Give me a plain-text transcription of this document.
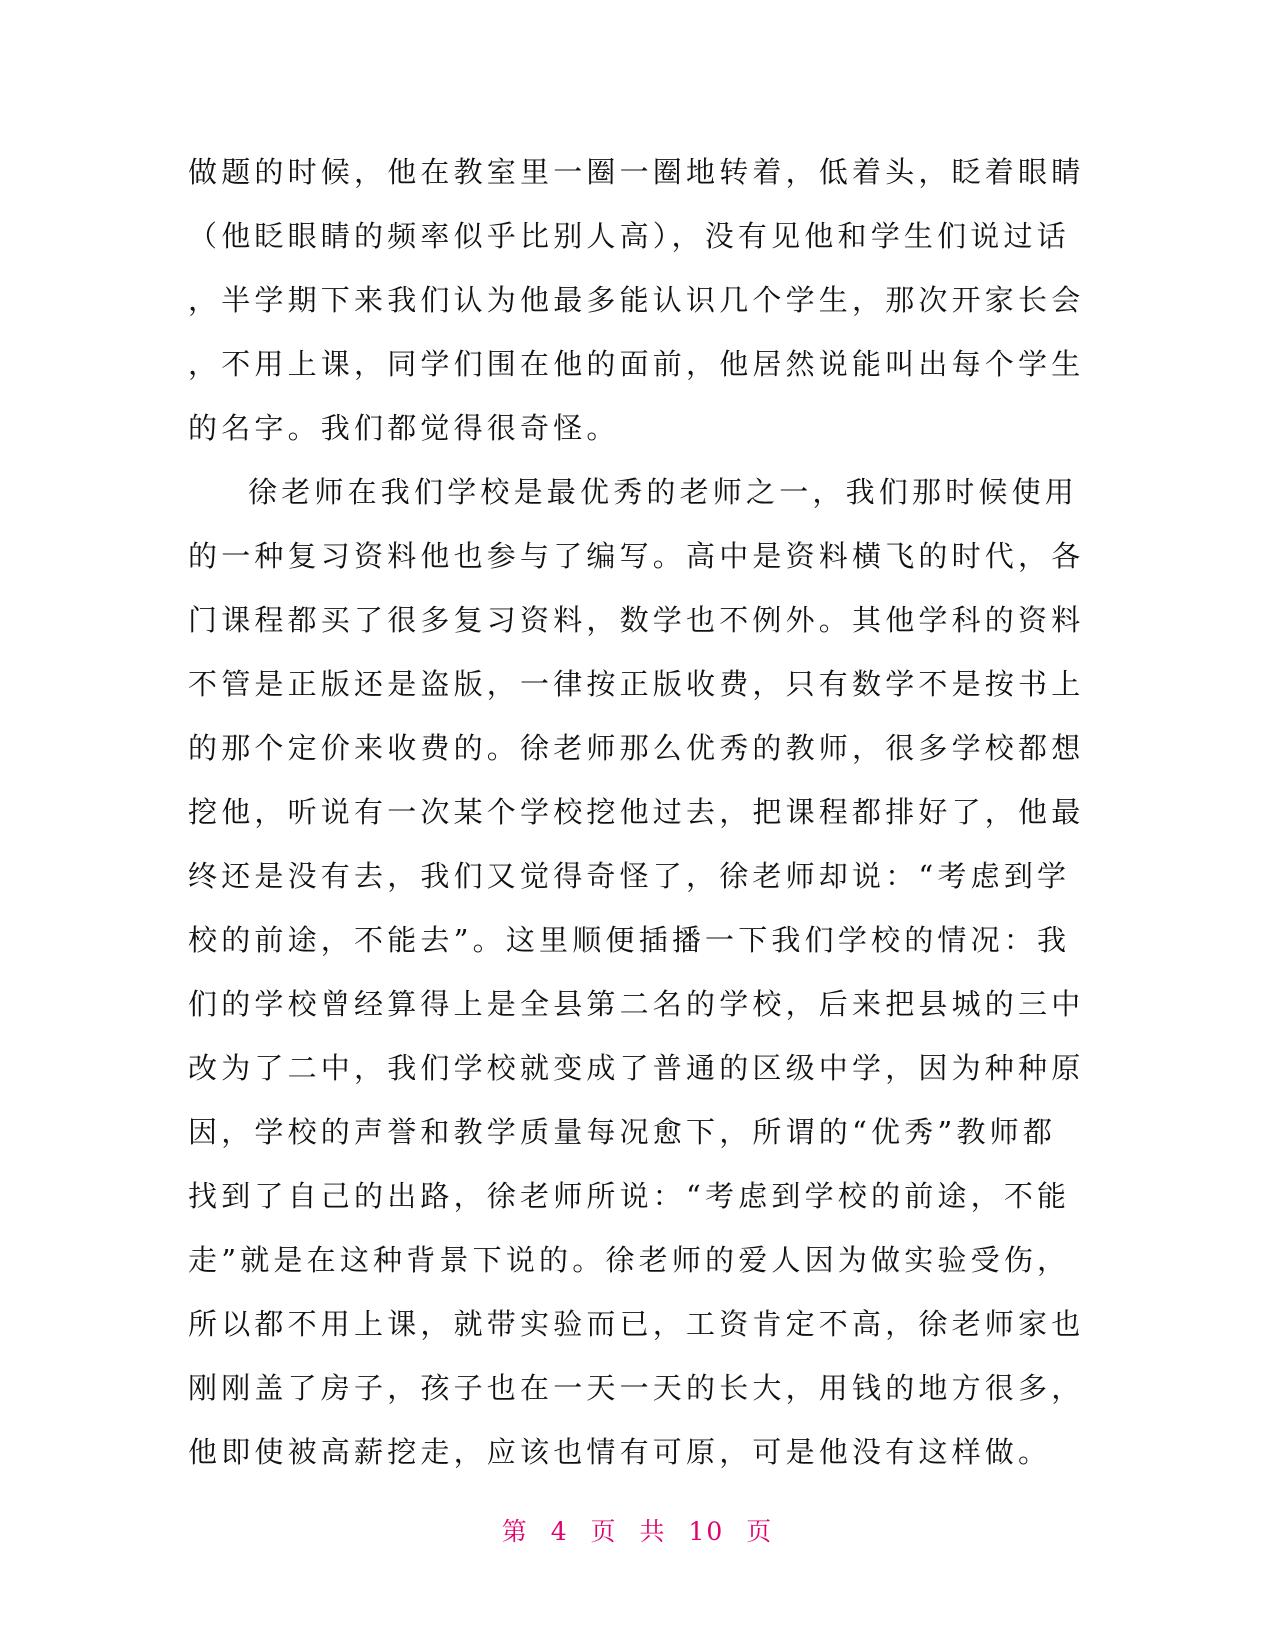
做题的时候，他在教室里一圈一圈地转着，低着头，眨着眼睛
（他眨眼睛的频率似乎比别人高），没有见他和学生们说过话
，半学期下来我们认为他最多能认识几个学生，那次开家长会
，不用上课，同学们围在他的面前，他居然说能叫出每个学生
的名字。我们都觉得很奇怪。
徐老师在我们学校是最优秀的老师之一，我们那时候使用
的一种复习资料他也参与了编写。高中是资料横飞的时代，各
门课程都买了很多复习资料，数学也不例外。其他学科的资料
不管是正版还是盗版，一律按正版收费，只有数学不是按书上
的那个定价来收费的。徐老师那么优秀的教师，很多学校都想
挖他，听说有一次某个学校挖他过去，把课程都排好了，他最
终还是没有去，我们又觉得奇怪了，徐老师却说：“考虑到学
校的前途，不能去”。这里顺便插播一下我们学校的情况：我
们的学校曾经算得上是全县第二名的学校，后来把县城的三中
改为了二中，我们学校就变成了普通的区级中学，因为种种原
因，学校的声誉和教学质量每况愈下，所谓的“优秀”教师都
找到了自己的出路，徐老师所说：“考虑到学校的前途，不能
走”就是在这种背景下说的。徐老师的爱人因为做实验受伤，
所以都不用上课，就带实验而已，工资肯定不高，徐老师家也
刚刚盖了房子，孩子也在一天一天的长大，用钱的地方很多，
他即使被高薪挖走，应该也情有可原，可是他没有这样做。
第 4 页 共 10 页
